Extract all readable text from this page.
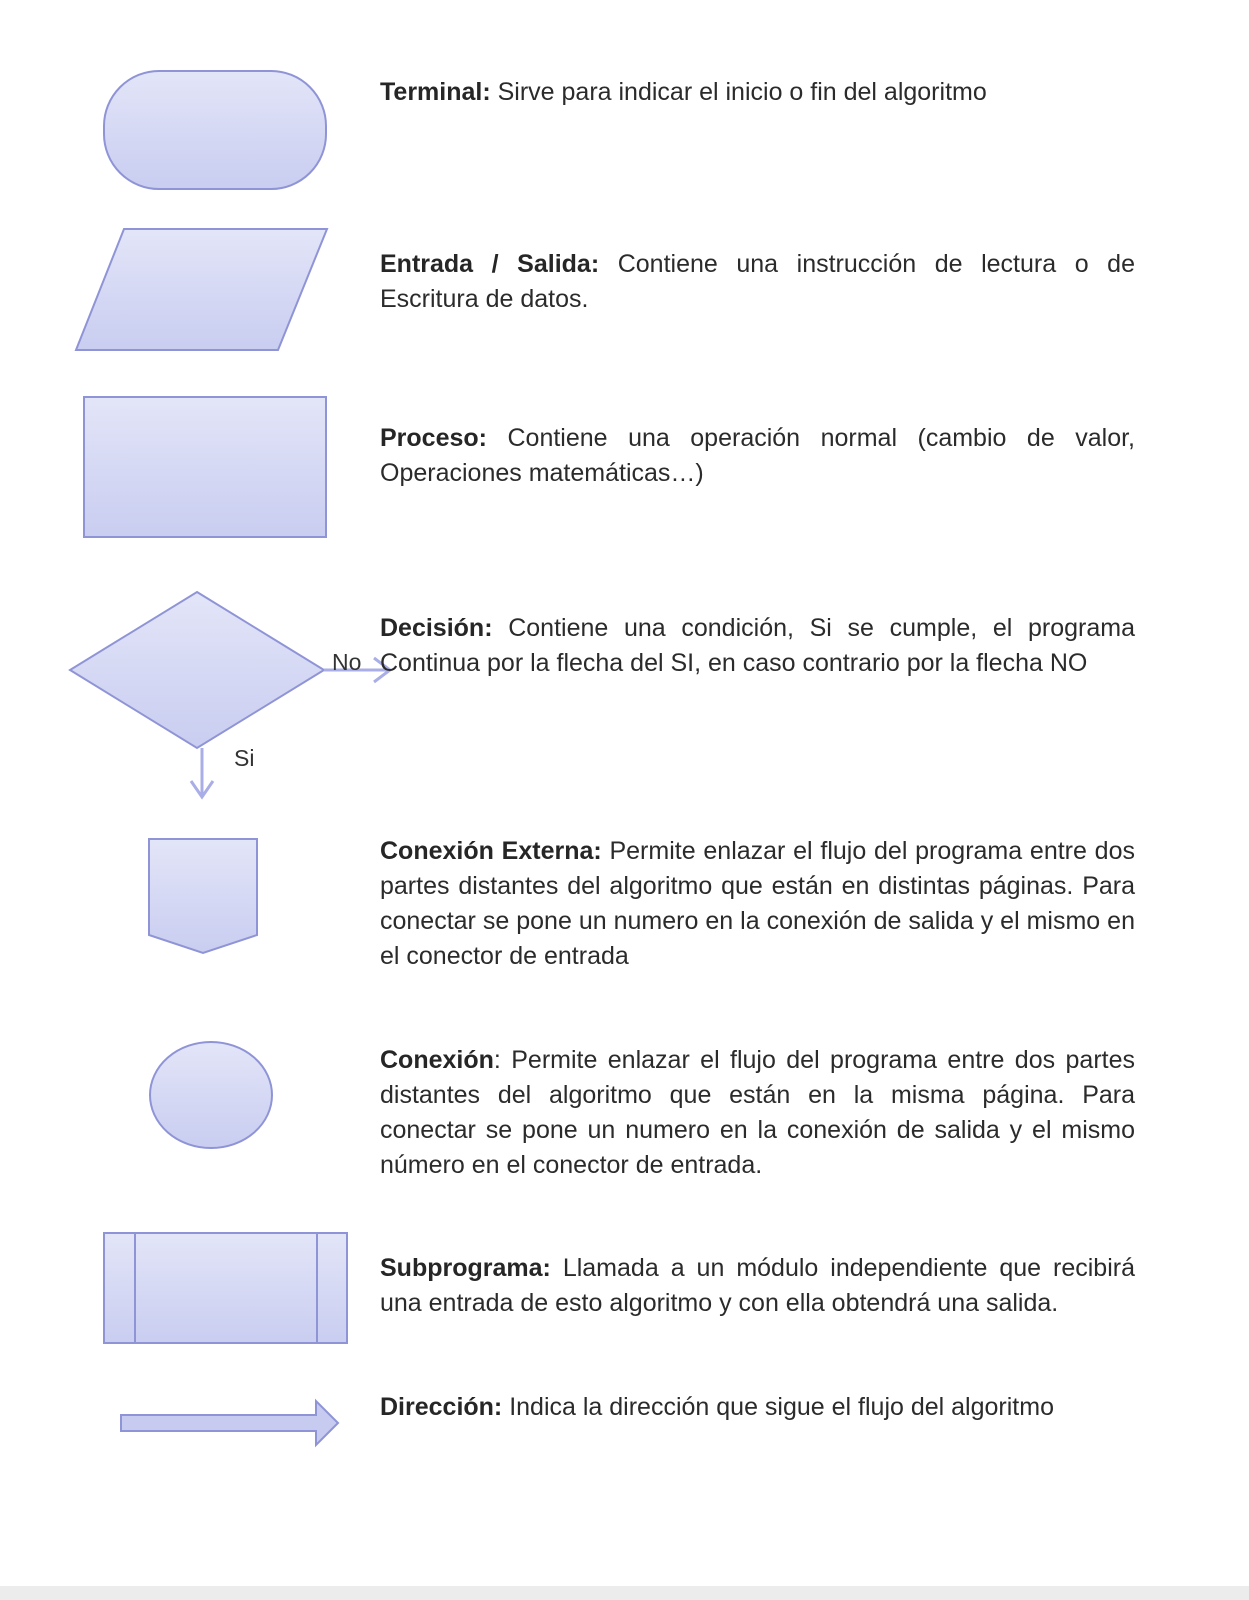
No
Si
Terminal: Sirve para indicar el inicio o fin del algoritmo
Entrada / Salida: Contiene una instrucción de lectura o de Escritura de datos.
Proceso: Contiene una operación normal (cambio de valor, Operaciones matemáticas…)
Decisión: Contiene una condición, Si se cumple, el programa Continua por la flecha del SI, en caso contrario por la flecha NO
Conexión Externa: Permite enlazar el flujo del programa entre dos partes distantes del algoritmo que están en distintas páginas. Para conectar se pone un numero en la conexión de salida y el mismo en el conector de entrada
Conexión: Permite enlazar el flujo del programa entre dos partes distantes del algoritmo que están en la misma página. Para conectar se pone un numero en la conexión de salida y el mismo número en el conector de entrada.
Subprograma: Llamada a un módulo independiente que recibirá una entrada de esto algoritmo y con ella obtendrá una salida.
Dirección: Indica la dirección que sigue el flujo del algoritmo
